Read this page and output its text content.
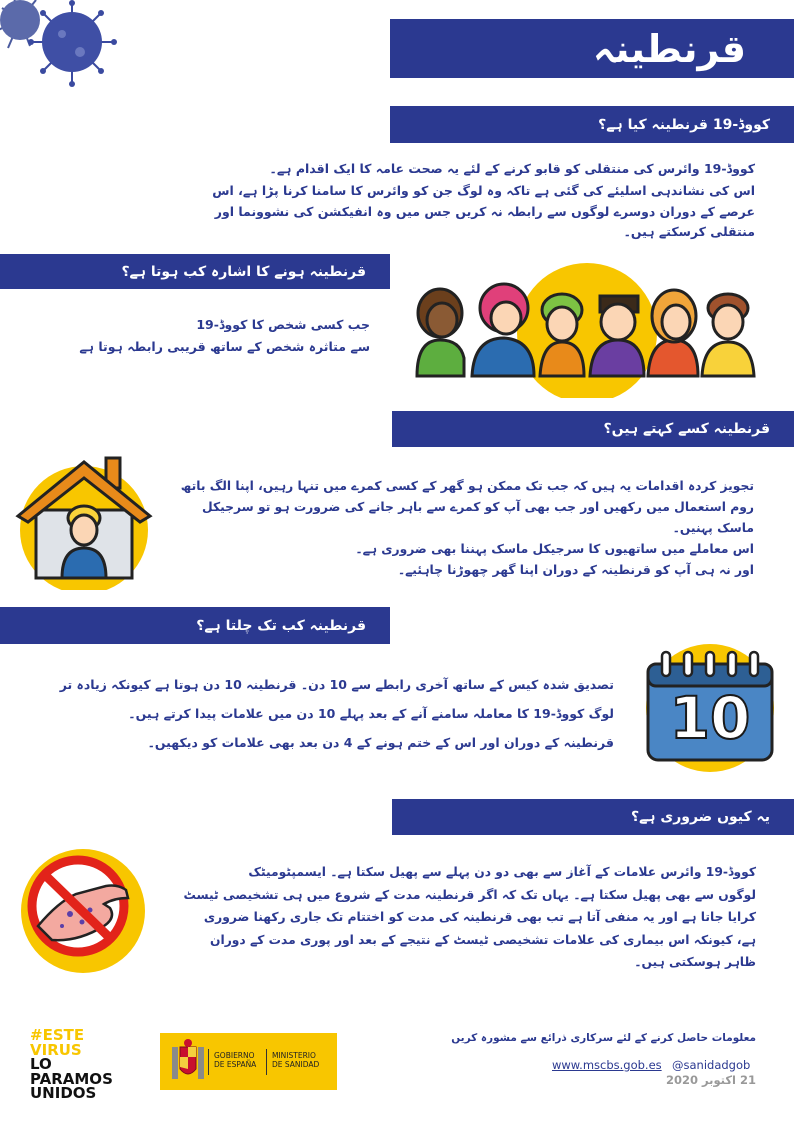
قرنطینہ
کووڈ-19 قرنطینہ کیا ہے؟
کووڈ-19 وائرس کی منتقلی کو قابو کرنے کے لئے یہ صحت عامہ کا ایک اقدام ہے۔
اس کی نشاندہی اسلیئے کی گئی ہے تاکہ وہ لوگ جن کو وائرس کا سامنا کرنا پڑا ہے، اس
عرصے کے دوران دوسرے لوگوں سے رابطہ نہ کریں جس میں وہ انفیکشن کی نشوونما اور
منتقلی کرسکتے ہیں۔
قرنطینہ ہونے کا اشارہ کب ہوتا ہے؟
جب کسی شخص کا کووڈ-19
سے متاثرہ شخص کے ساتھ قریبی رابطہ ہوتا ہے
قرنطینہ کسے کہتے ہیں؟
تجویز کردہ اقدامات یہ ہیں کہ جب تک ممکن ہو گھر کے کسی کمرے میں تنہا رہیں، اپنا الگ باتھ
روم استعمال میں رکھیں اور جب بھی آپ کو کمرے سے باہر جانے کی ضرورت ہو تو سرجیکل
ماسک پہنیں۔
اس معاملے میں ساتھیوں کا سرجیکل ماسک پہننا بھی ضروری ہے۔
اور نہ ہی آپ کو قرنطینہ کے دوران اپنا گھر چھوڑنا چاہئیے۔
قرنطینہ کب تک چلتا ہے؟
تصدیق شدہ کیس کے ساتھ آخری رابطے سے 10 دن۔ قرنطینہ 10 دن ہوتا ہے کیونکہ زیادہ تر
لوگ کووڈ-19 کا معاملہ سامنے آنے کے بعد پہلے 10 دن میں علامات پیدا کرتے ہیں۔
قرنطینہ کے دوران اور اس کے ختم ہونے کے 4 دن بعد بھی علامات کو دیکھیں۔ 10
یہ کیوں ضروری ہے؟
کووڈ-19 وائرس علامات کے آغاز سے بھی دو دن پہلے سے پھیل سکتا ہے۔ ایسمپٹومیٹک
لوگوں سے بھی پھیل سکتا ہے۔ یہاں تک کہ اگر قرنطینہ مدت کے شروع میں ہی تشخیصی ٹیسٹ
کرایا جاتا ہے اور یہ منفی آتا ہے تب بھی قرنطینہ کی مدت کو اختتام تک جاری رکھنا ضروری
ہے، کیونکہ اس بیماری کی علامات تشخیصی ٹیسٹ کے نتیجے کے بعد اور پوری مدت کے دوران
ظاہر ہوسکتی ہیں۔
#ESTE
VIRUS
LO
PARAMOS
UNIDOS
GOBIERNO
DE ESPAÑA
MINISTERIO
DE SANIDAD
معلومات حاصل کرنے کے لئے سرکاری ذرائع سے مشورہ کریں
www.mscbs.gob.es @sanidadgob
21 اکتوبر 2020
